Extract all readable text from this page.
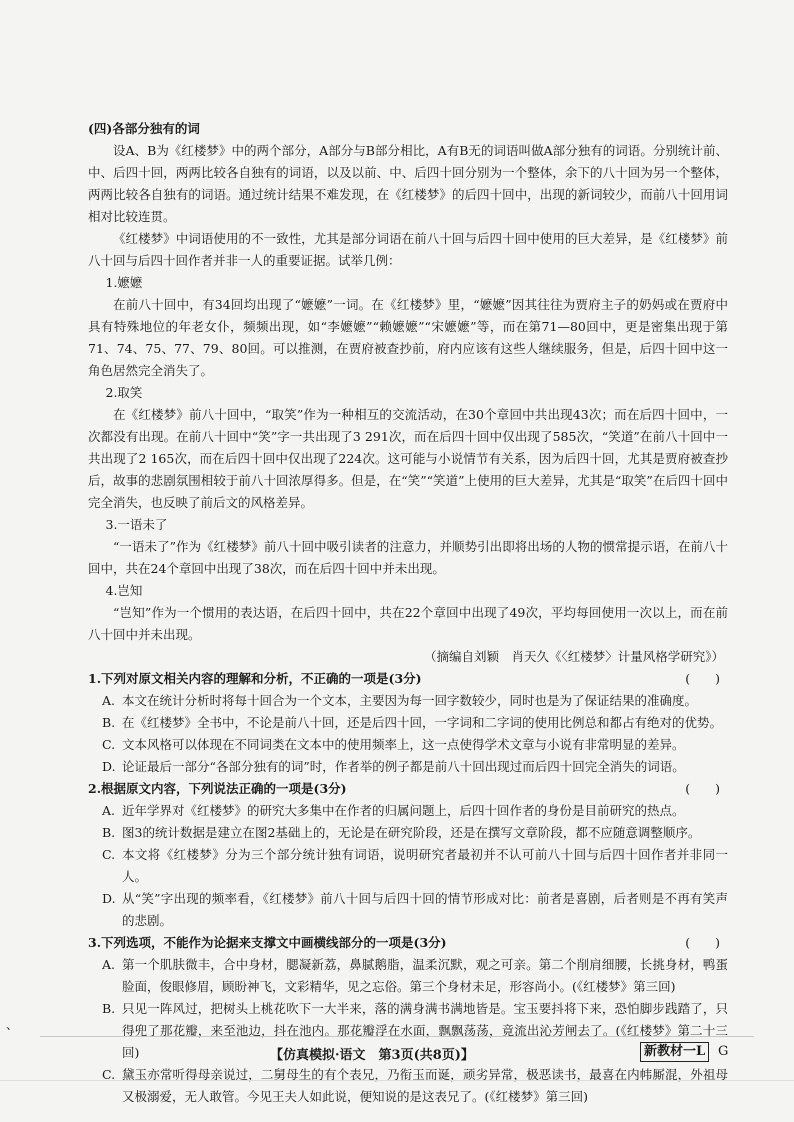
(四)各部分独有的词

设A、B为《红楼梦》中的两个部分，A部分与B部分相比，A有B无的词语叫做A部分独有的词语。分别统计前、中、后四十回，两两比较各自独有的词语，以及以前、中、后四十回分别为一个整体，余下的八十回为另一个整体，两两比较各自独有的词语。通过统计结果不难发现，在《红楼梦》的后四十回中，出现的新词较少，而前八十回用词相对比较连贯。

《红楼梦》中词语使用的不一致性，尤其是部分词语在前八十回与后四十回中使用的巨大差异，是《红楼梦》前八十回与后四十回作者并非一人的重要证据。试举几例：

1.嬷嬷

在前八十回中，有34回均出现了“嬷嬷”一词。在《红楼梦》里，“嬷嬷”因其往往为贾府主子的奶妈或在贾府中具有特殊地位的年老女仆，频频出现，如“李嬷嬷”“赖嬷嬷”“宋嬷嬷”等，而在第71—80回中，更是密集出现于第71、74、75、77、79、80回。可以推测，在贾府被查抄前，府内应该有这些人继续服务，但是，后四十回中这一角色居然完全消失了。

2.取笑

在《红楼梦》前八十回中，“取笑”作为一种相互的交流活动，在30个章回中共出现43次；而在后四十回中，一次都没有出现。在前八十回中“笑”字一共出现了3 291次，而在后四十回中仅出现了585次，“笑道”在前八十回中一共出现了2 165次，而在后四十回中仅出现了224次。这可能与小说情节有关系，因为后四十回，尤其是贾府被查抄后，故事的悲剧氛围相较于前八十回浓厚得多。但是，在“笑”“笑道”上使用的巨大差异，尤其是“取笑”在后四十回中完全消失，也反映了前后文的风格差异。

3.一语未了

“一语未了”作为《红楼梦》前八十回中吸引读者的注意力，并顺势引出即将出场的人物的惯常提示语，在前八十回中，共在24个章回中出现了38次，而在后四十回中并未出现。

4.岂知

“岂知”作为一个惯用的表达语，在后四十回中，共在22个章回中出现了49次，平均每回使用一次以上，而在前八十回中并未出现。

（摘编自刘颖　肖天久《〈红楼梦〉计量风格学研究》）

1.下列对原文相关内容的理解和分析，不正确的一项是(3分)	(　　)
A. 本文在统计分析时将每十回合为一个文本，主要因为每一回字数较少，同时也是为了保证结果的准确度。
B. 在《红楼梦》全书中，不论是前八十回，还是后四十回，一字词和二字词的使用比例总和都占有绝对的优势。
C. 文本风格可以体现在不同词类在文本中的使用频率上，这一点使得学术文章与小说有非常明显的差异。
D. 论证最后一部分“各部分独有的词”时，作者举的例子都是前八十回出现过而后四十回完全消失的词语。
2.根据原文内容，下列说法正确的一项是(3分)	(　　)
A. 近年学界对《红楼梦》的研究大多集中在作者的归属问题上，后四十回作者的身份是目前研究的热点。
B. 图3的统计数据是建立在图2基础上的，无论是在研究阶段，还是在撰写文章阶段，都不应随意调整顺序。
C. 本文将《红楼梦》分为三个部分统计独有词语，说明研究者最初并不认可前八十回与后四十回作者并非同一人。
D. 从“笑”字出现的频率看，《红楼梦》前八十回与后四十回的情节形成对比：前者是喜剧，后者则是不再有笑声的悲剧。
3.下列选项，不能作为论据来支撑文中画横线部分的一项是(3分)	(　　)
A. 第一个肌肤微丰，合中身材，腮凝新荔，鼻腻鹅脂，温柔沉默，观之可亲。第二个削肩细腰，长挑身材，鸭蛋脸面，俊眼修眉，顾盼神飞，文彩精华，见之忘俗。第三个身材未足，形容尚小。(《红楼梦》第三回)
B. 只见一阵风过，把树头上桃花吹下一大半来，落的满身满书满地皆是。宝玉要抖将下来，恐怕脚步践踏了，只得兜了那花瓣，来至池边，抖在池内。那花瓣浮在水面，飘飘荡荡，竟流出沁芳闸去了。(《红楼梦》第二十三回)
C. 黛玉亦常听得母亲说过，二舅母生的有个表兄，乃衔玉而诞，顽劣异常，极恶读书，最喜在内帏厮混，外祖母又极溺爱，无人敢管。今见王夫人如此说，便知说的是这表兄了。(《红楼梦》第三回)
、
【仿真模拟·语文　第3页(共8页)】	新教材一L G
